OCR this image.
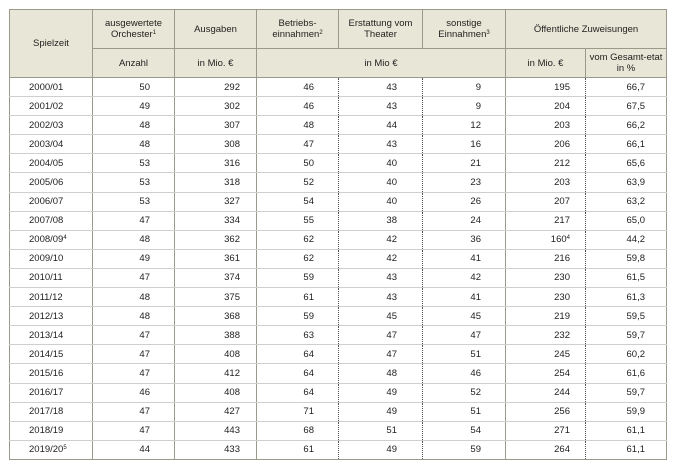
Spielzeit	ausgewertete Orchester$^1$	Ausgaben	Betriebs-einnahmen$^2$	Erstattung vom Theater	sonstige Einnahmen$^3$	Öffentliche Zuweisungen	
	Anzahl	in Mio. €	in Mio €			in Mio. €	vom Gesamt-etat in %
2000/01	50	292	46	43	9	195	66,7
2001/02	49	302	46	43	9	204	67,5
2002/03	48	307	48	44	12	203	66,2
2003/04	48	308	47	43	16	206	66,1
2004/05	53	316	50	40	21	212	65,6
2005/06	53	318	52	40	23	203	63,9
2006/07	53	327	54	40	26	207	63,2
2007/08	47	334	55	38	24	217	65,0
$2008/09^4$	48	362	62	42	36	$160^4$	44,2
2009/10	49	361	62	42	41	216	59,8
2010/11	47	374	59	43	42	230	61,5
2011/12	48	375	61	43	41	230	61,3
2012/13	48	368	59	45	45	219	59,5
2013/14	47	388	63	47	47	232	59,7
2014/15	47	408	64	47	51	245	60,2
2015/16	47	412	64	48	46	254	61,6
2016/17	46	408	64	49	52	244	59,7
2017/18	47	427	71	49	51	256	59,9
2018/19	47	443	68	51	54	271	61,1
$2019/20^5$	44	433	61	49	59	264	61,1
